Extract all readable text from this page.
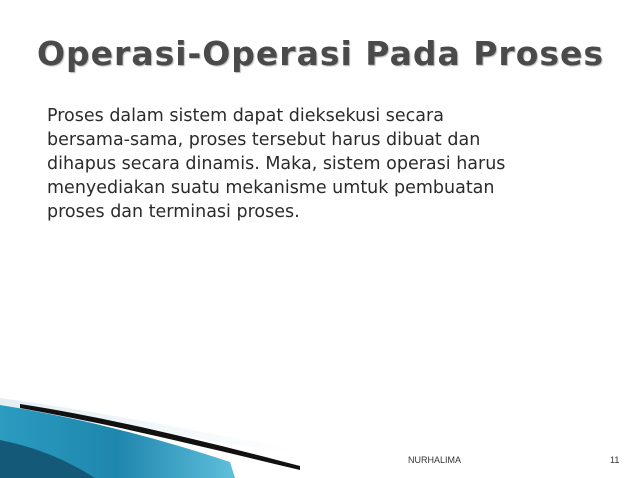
Operasi-Operasi Pada Proses

Proses dalam sistem dapat dieksekusi secara
bersama-sama, proses tersebut harus dibuat dan
dihapus secara dinamis. Maka, sistem operasi harus
menyediakan suatu mekanisme umtuk pembuatan
proses dan terminasi proses.

NURHALIMA	11
